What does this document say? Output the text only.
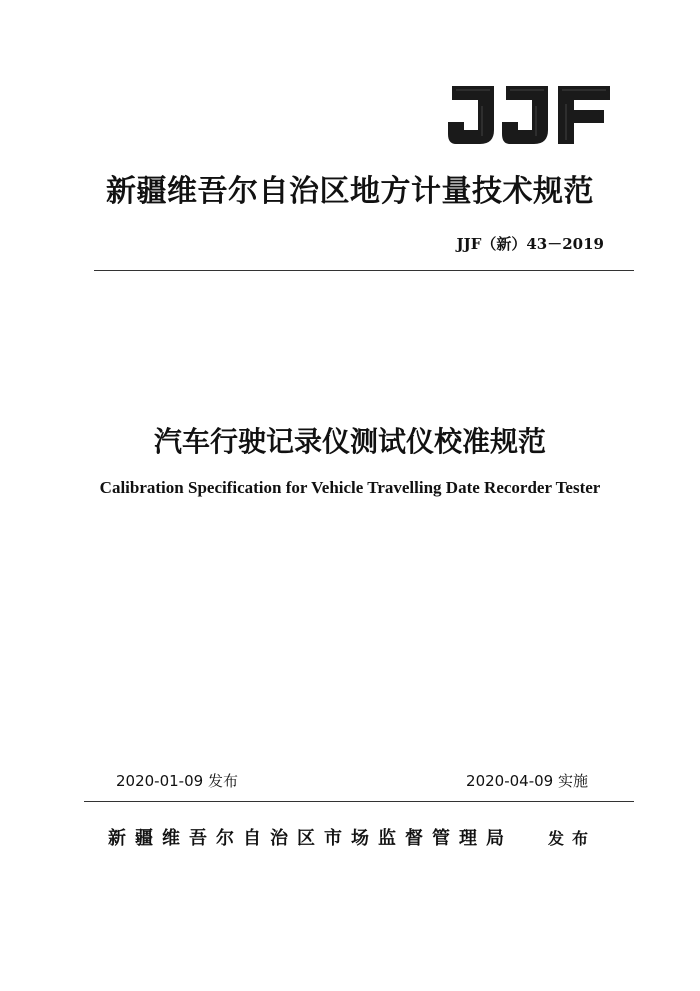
新疆维吾尔自治区地方计量技术规范
JJF（新）43－2019
汽车行驶记录仪测试仪校准规范
Calibration Specification for Vehicle Travelling Date Recorder Tester
2020-01-09 发布	2020-04-09 实施
新疆维吾尔自治区市场监督管理局 发布
